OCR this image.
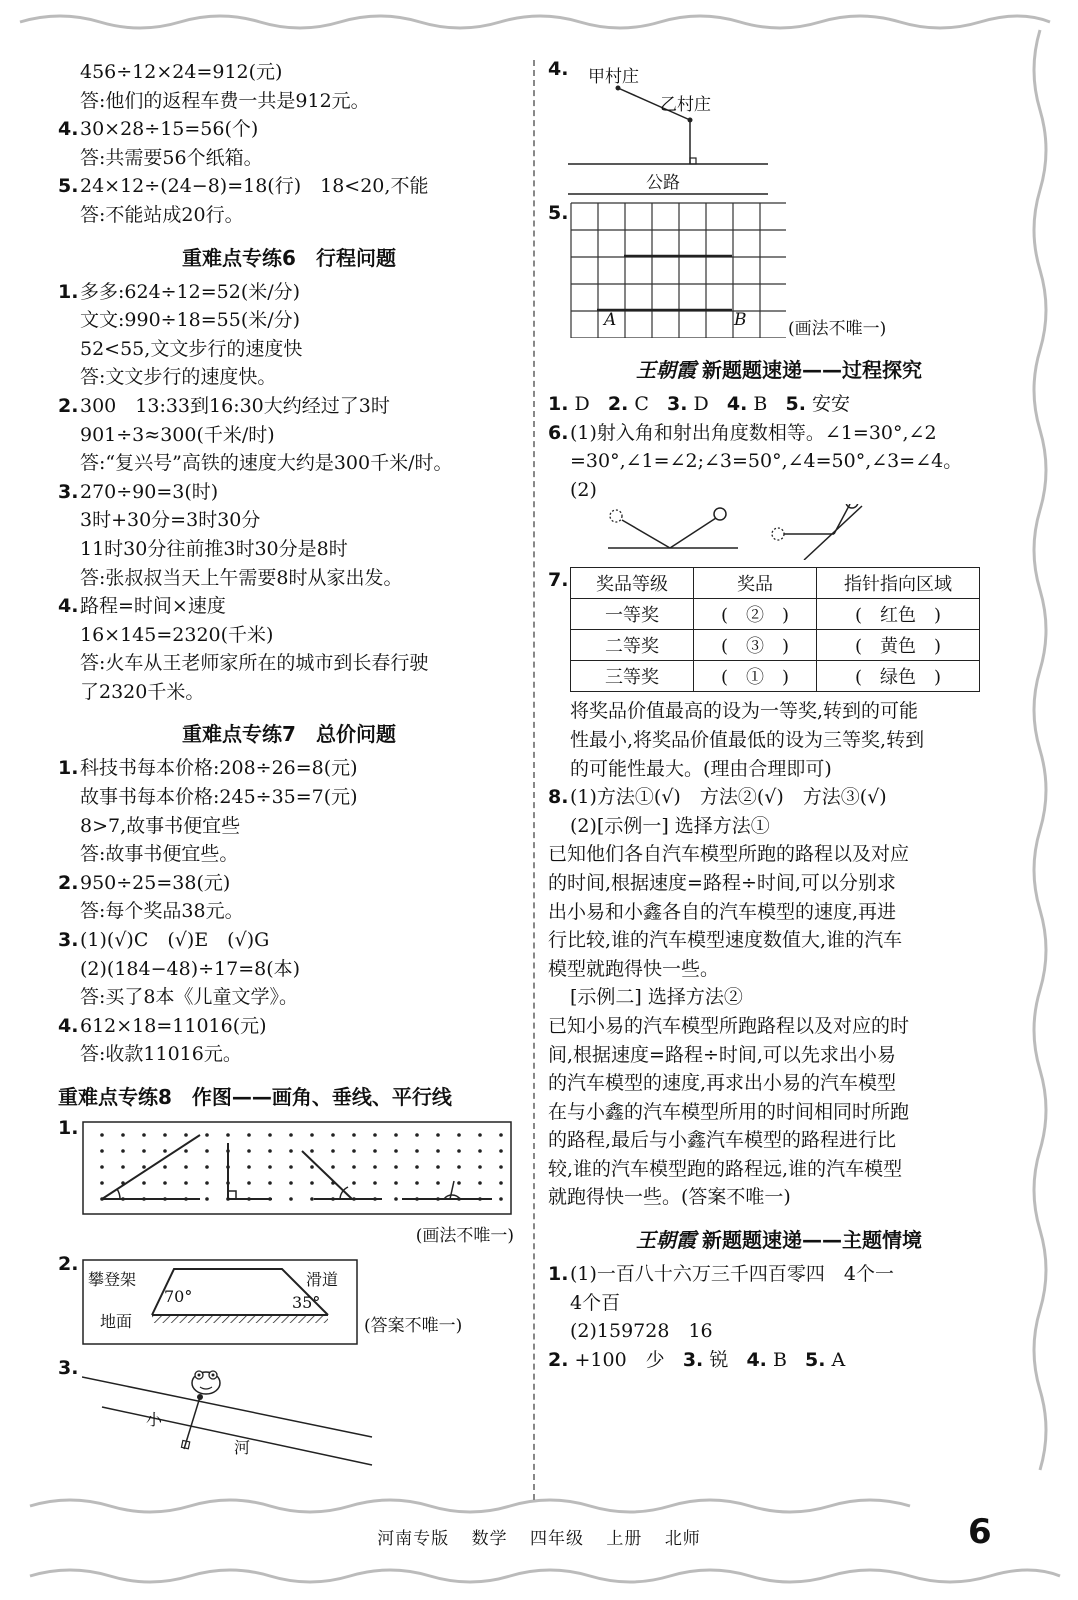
456÷12×24=912(元)
答:他们的返程车费一共是912元。
4.30×28÷15=56(个)
答:共需要56个纸箱。
5.24×12÷(24−8)=18(行)　18<20,不能
答:不能站成20行。
重难点专练6　行程问题
1.多多:624÷12=52(米/分)
文文:990÷18=55(米/分)
52<55,文文步行的速度快
答:文文步行的速度快。
2.300　13:33到16:30大约经过了3时
901÷3≈300(千米/时)
答:“复兴号”高铁的速度大约是300千米/时。
3.270÷90=3(时)
3时+30分=3时30分
11时30分往前推3时30分是8时
答:张叔叔当天上午需要8时从家出发。
4.路程=时间×速度
16×145=2320(千米)
答:火车从王老师家所在的城市到长春行驶
了2320千米。
重难点专练7　总价问题
1.科技书每本价格:208÷26=8(元)
故事书每本价格:245÷35=7(元)
8>7,故事书便宜些
答:故事书便宜些。
2.950÷25=38(元)
答:每个奖品38元。
3.(1)(√)C　(√)E　(√)G
(2)(184−48)÷17=8(本)
答:买了8本《儿童文学》。
4.612×18=11016(元)
答:收款11016元。
重难点专练8　作图——画角、垂线、平行线
1.
(画法不唯一)
2.
攀登架	滑道
地面
70°	35°
(答案不唯一)
3.
小
河
4. 甲村庄
乙村庄
公路
5.
A	B (画法不唯一)
王朝霞 新题题速递——过程探究
1. D 2. C 3. D 4. B 5. 安安
6.(1)射入角和射出角度数相等。∠1=30°,∠2
=30°,∠1=∠2;∠3=50°,∠4=50°,∠3=∠4。
(2)
7. 奖品等级	奖品	指针指向区域
一等奖	(　②　)	(　红色　)
二等奖	(　③　)	(　黄色　)
三等奖	(　①　)	(　绿色　)
将奖品价值最高的设为一等奖,转到的可能
性最小,将奖品价值最低的设为三等奖,转到
的可能性最大。(理由合理即可)
8.(1)方法①(√)　方法②(√)　方法③(√)
(2)[示例一] 选择方法①
已知他们各自汽车模型所跑的路程以及对应
的时间,根据速度=路程÷时间,可以分别求
出小易和小鑫各自的汽车模型的速度,再进
行比较,谁的汽车模型速度数值大,谁的汽车
模型就跑得快一些。
[示例二] 选择方法②
已知小易的汽车模型所跑路程以及对应的时
间,根据速度=路程÷时间,可以先求出小易
的汽车模型的速度,再求出小易的汽车模型
在与小鑫的汽车模型所用的时间相同时所跑
的路程,最后与小鑫汽车模型的路程进行比
较,谁的汽车模型跑的路程远,谁的汽车模型
就跑得快一些。(答案不唯一)
王朝霞 新题题速递——主题情境
1.(1)一百八十六万三千四百零四　4个一
4个百
(2)159728　16
2. +100　少 3. 锐 4. B 5. A
河南专版 数学 四年级 上册 北师	6
